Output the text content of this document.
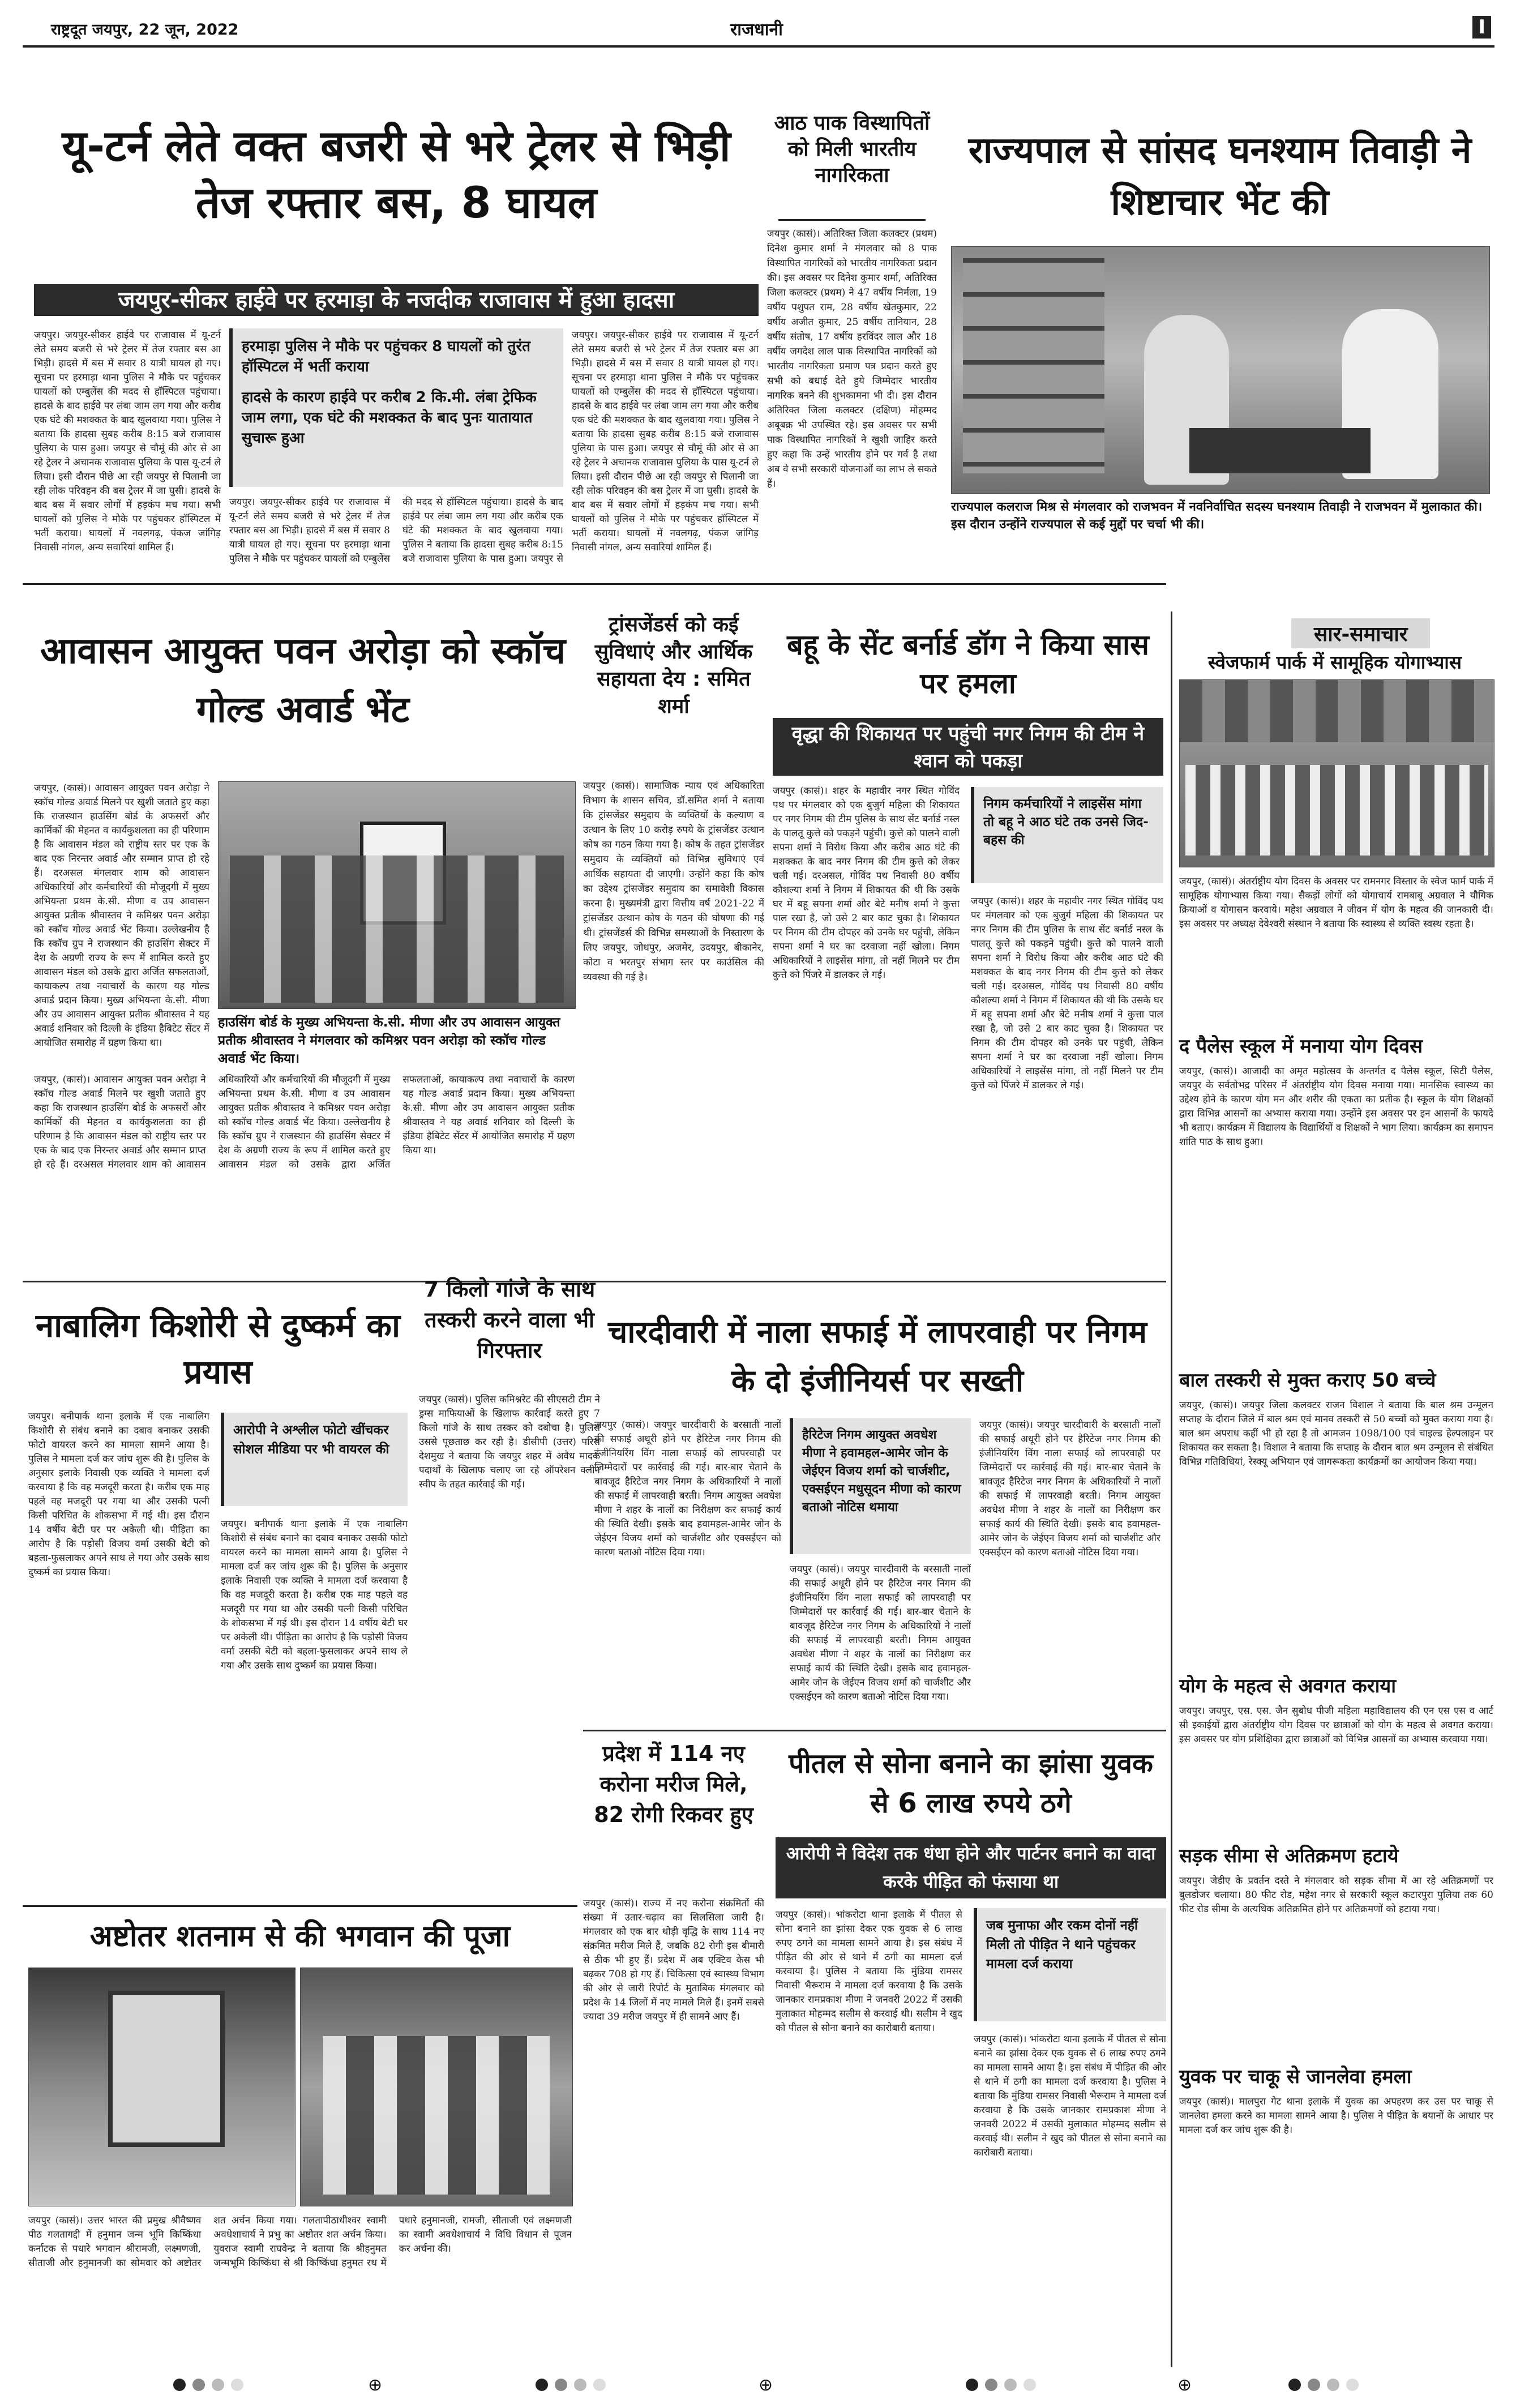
राष्ट्रदूत जयपुर, 22 जून, 2022	राजधानी	I
यू-टर्न लेते वक्त बजरी से भरे ट्रेलर से भिड़ी तेज रफ्तार बस, 8 घायल
जयपुर-सीकर हाईवे पर हरमाड़ा के नजदीक राजावास में हुआ हादसा
जयपुर। जयपुर-सीकर हाईवे पर राजावास में यू-टर्न लेते समय बजरी से भरे ट्रेलर में तेज रफ्तार बस आ भिड़ी। हादसे में बस में सवार 8 यात्री घायल हो गए। सूचना पर हरमाड़ा थाना पुलिस ने मौके पर पहुंचकर घायलों को एम्बुलेंस की मदद से हॉस्पिटल पहुंचाया। हादसे के बाद हाईवे पर लंबा जाम लग गया और करीब एक घंटे की मशक्कत के बाद खुलवाया गया। पुलिस ने बताया कि हादसा सुबह करीब 8:15 बजे राजावास पुलिया के पास हुआ। जयपुर से चौमूं की ओर से आ रहे ट्रेलर ने अचानक राजावास पुलिया के पास यू-टर्न ले लिया। इसी दौरान पीछे आ रही जयपुर से पिलानी जा रही लोक परिवहन की बस ट्रेलर में जा घुसी। हादसे के बाद बस में सवार लोगों में हड़कंप मच गया। सभी घायलों को पुलिस ने मौके पर पहुंचकर हॉस्पिटल में भर्ती कराया। घायलों में नवलगढ़, पंकज जांगिड़ निवासी नांगल, अन्य सवारियां शामिल हैं।
हरमाड़ा पुलिस ने मौके पर पहुंचकर 8 घायलों को तुरंत हॉस्पिटल में भर्ती कराया
हादसे के कारण हाईवे पर करीब 2 कि.मी. लंबा ट्रेफिक जाम लगा, एक घंटे की मशक्कत के बाद पुनः यातायात सुचारू हुआ
जयपुर। जयपुर-सीकर हाईवे पर राजावास में यू-टर्न लेते समय बजरी से भरे ट्रेलर में तेज रफ्तार बस आ भिड़ी। हादसे में बस में सवार 8 यात्री घायल हो गए। सूचना पर हरमाड़ा थाना पुलिस ने मौके पर पहुंचकर घायलों को एम्बुलेंस की मदद से हॉस्पिटल पहुंचाया। हादसे के बाद हाईवे पर लंबा जाम लग गया और करीब एक घंटे की मशक्कत के बाद खुलवाया गया। पुलिस ने बताया कि हादसा सुबह करीब 8:15 बजे राजावास पुलिया के पास हुआ। जयपुर से
जयपुर। जयपुर-सीकर हाईवे पर राजावास में यू-टर्न लेते समय बजरी से भरे ट्रेलर में तेज रफ्तार बस आ भिड़ी। हादसे में बस में सवार 8 यात्री घायल हो गए। सूचना पर हरमाड़ा थाना पुलिस ने मौके पर पहुंचकर घायलों को एम्बुलेंस की मदद से हॉस्पिटल पहुंचाया। हादसे के बाद हाईवे पर लंबा जाम लग गया और करीब एक घंटे की मशक्कत के बाद खुलवाया गया। पुलिस ने बताया कि हादसा सुबह करीब 8:15 बजे राजावास पुलिया के पास हुआ। जयपुर से चौमूं की ओर से आ रहे ट्रेलर ने अचानक राजावास पुलिया के पास यू-टर्न ले लिया। इसी दौरान पीछे आ रही जयपुर से पिलानी जा रही लोक परिवहन की बस ट्रेलर में जा घुसी। हादसे के बाद बस में सवार लोगों में हड़कंप मच गया। सभी घायलों को पुलिस ने मौके पर पहुंचकर हॉस्पिटल में भर्ती कराया। घायलों में नवलगढ़, पंकज जांगिड़ निवासी नांगल, अन्य सवारियां शामिल हैं।
आठ पाक विस्थापितों को मिली भारतीय नागरिकता
जयपुर (कासं)। अतिरिक्त जिला कलक्टर (प्रथम) दिनेश कुमार शर्मा ने मंगलवार को 8 पाक विस्थापित नागरिकों को भारतीय नागरिकता प्रदान की। इस अवसर पर दिनेश कुमार शर्मा, अतिरिक्त जिला कलक्टर (प्रथम) ने 47 वर्षीय निर्मला, 19 वर्षीय पशुपत राम, 28 वर्षीय खेतकुमार, 22 वर्षीय अजीत कुमार, 25 वर्षीय तानियान, 28 वर्षीय संतोष, 17 वर्षीय हरविंदर लाल और 18 वर्षीय जगदेश लाल पाक विस्थापित नागरिकों को भारतीय नागरिकता प्रमाण पत्र प्रदान करते हुए सभी को बधाई देते हुये जिम्मेदार भारतीय नागरिक बनने की शुभकामना भी दी। इस दौरान अतिरिक्त जिला कलक्टर (दक्षिण) मोहम्मद अबूबक्र भी उपस्थित रहे। इस अवसर पर सभी पाक विस्थापित नागरिकों ने खुशी जाहिर करते हुए कहा कि उन्हें भारतीय होने पर गर्व है तथा अब वे सभी सरकारी योजनाओं का लाभ ले सकते हैं।
राज्यपाल से सांसद घनश्याम तिवाड़ी ने शिष्टाचार भेंट की
राज्यपाल कलराज मिश्र से मंगलवार को राजभवन में नवनिर्वाचित सदस्य घनश्याम तिवाड़ी ने राजभवन में मुलाकात की। इस दौरान उन्होंने राज्यपाल से कई मुद्दों पर चर्चा भी की।
आवासन आयुक्त पवन अरोड़ा को स्कॉच गोल्ड अवार्ड भेंट
जयपुर, (कासं)। आवासन आयुक्त पवन अरोड़ा ने स्कॉच गोल्ड अवार्ड मिलने पर खुशी जताते हुए कहा कि राजस्थान हाउसिंग बोर्ड के अफसरों और कार्मिकों की मेहनत व कार्यकुशलता का ही परिणाम है कि आवासन मंडल को राष्ट्रीय स्तर पर एक के बाद एक निरन्तर अवार्ड और सम्मान प्राप्त हो रहे हैं। दरअसल मंगलवार शाम को आवासन अधिकारियों और कर्मचारियों की मौजूदगी में मुख्य अभियन्ता प्रथम के.सी. मीणा व उप आवासन आयुक्त प्रतीक श्रीवास्तव ने कमिश्नर पवन अरोड़ा को स्कॉच गोल्ड अवार्ड भेंट किया। उल्लेखनीय है कि स्कॉच ग्रुप ने राजस्थान की हाउसिंग सेक्टर में देश के अग्रणी राज्य के रूप में शामिल करते हुए आवासन मंडल को उसके द्वारा अर्जित सफलताओं, कायाकल्प तथा नवाचारों के कारण यह गोल्ड अवार्ड प्रदान किया। मुख्य अभियन्ता के.सी. मीणा और उप आवासन आयुक्त प्रतीक श्रीवास्तव ने यह अवार्ड शनिवार को दिल्ली के इंडिया हैबिटेट सेंटर में आयोजित समारोह में ग्रहण किया था।
हाउसिंग बोर्ड के मुख्य अभियन्ता के.सी. मीणा और उप आवासन आयुक्त प्रतीक श्रीवास्तव ने मंगलवार को कमिश्नर पवन अरोड़ा को स्कॉच गोल्ड अवार्ड भेंट किया।
जयपुर, (कासं)। आवासन आयुक्त पवन अरोड़ा ने स्कॉच गोल्ड अवार्ड मिलने पर खुशी जताते हुए कहा कि राजस्थान हाउसिंग बोर्ड के अफसरों और कार्मिकों की मेहनत व कार्यकुशलता का ही परिणाम है कि आवासन मंडल को राष्ट्रीय स्तर पर एक के बाद एक निरन्तर अवार्ड और सम्मान प्राप्त हो रहे हैं। दरअसल मंगलवार शाम को आवासन अधिकारियों और कर्मचारियों की मौजूदगी में मुख्य अभियन्ता प्रथम के.सी. मीणा व उप आवासन आयुक्त प्रतीक श्रीवास्तव ने कमिश्नर पवन अरोड़ा को स्कॉच गोल्ड अवार्ड भेंट किया। उल्लेखनीय है कि स्कॉच ग्रुप ने राजस्थान की हाउसिंग सेक्टर में देश के अग्रणी राज्य के रूप में शामिल करते हुए आवासन मंडल को उसके द्वारा अर्जित सफलताओं, कायाकल्प तथा नवाचारों के कारण यह गोल्ड अवार्ड प्रदान किया। मुख्य अभियन्ता के.सी. मीणा और उप आवासन आयुक्त प्रतीक श्रीवास्तव ने यह अवार्ड शनिवार को दिल्ली के इंडिया हैबिटेट सेंटर में आयोजित समारोह में ग्रहण किया था।
ट्रांसजेंडर्स को कई सुविधाएं और आर्थिक सहायता देय : समित शर्मा
जयपुर (कासं)। सामाजिक न्याय एवं अधिकारिता विभाग के शासन सचिव, डॉ.समित शर्मा ने बताया कि ट्रांसजेंडर समुदाय के व्यक्तियों के कल्याण व उत्थान के लिए 10 करोड़ रुपये के ट्रांसजेंडर उत्थान कोष का गठन किया गया है। कोष के तहत ट्रांसजेंडर समुदाय के व्यक्तियों को विभिन्न सुविधाएं एवं आर्थिक सहायता दी जाएगी। उन्होंने कहा कि कोष का उद्देश्य ट्रांसजेंडर समुदाय का समावेशी विकास करना है। मुख्यमंत्री द्वारा वित्तीय वर्ष 2021-22 में ट्रांसजेंडर उत्थान कोष के गठन की घोषणा की गई थी। ट्रांसजेंडर्स की विभिन्न समस्याओं के निस्तारण के लिए जयपुर, जोधपुर, अजमेर, उदयपुर, बीकानेर, कोटा व भरतपुर संभाग स्तर पर काउंसिल की व्यवस्था की गई है।
बहू के सेंट बर्नार्ड डॉग ने किया सास पर हमला
वृद्धा की शिकायत पर पहुंची नगर निगम की टीम ने श्वान को पकड़ा
जयपुर (कासं)। शहर के महावीर नगर स्थित गोविंद पथ पर मंगलवार को एक बुजुर्ग महिला की शिकायत पर नगर निगम की टीम पुलिस के साथ सेंट बर्नार्ड नस्ल के पालतू कुत्ते को पकड़ने पहुंची। कुत्ते को पालने वाली सपना शर्मा ने विरोध किया और करीब आठ घंटे की मशक्कत के बाद नगर निगम की टीम कुत्ते को लेकर चली गई। दरअसल, गोविंद पथ निवासी 80 वर्षीय कौशल्या शर्मा ने निगम में शिकायत की थी कि उसके घर में बहू सपना शर्मा और बेटे मनीष शर्मा ने कुत्ता पाल रखा है, जो उसे 2 बार काट चुका है। शिकायत पर निगम की टीम दोपहर को उनके घर पहुंची, लेकिन सपना शर्मा ने घर का दरवाजा नहीं खोला। निगम अधिकारियों ने लाइसेंस मांगा, तो नहीं मिलने पर टीम कुत्ते को पिंजरे में डालकर ले गई।
निगम कर्मचारियों ने लाइसेंस मांगा तो बहू ने आठ घंटे तक उनसे जिद-बहस की
जयपुर (कासं)। शहर के महावीर नगर स्थित गोविंद पथ पर मंगलवार को एक बुजुर्ग महिला की शिकायत पर नगर निगम की टीम पुलिस के साथ सेंट बर्नार्ड नस्ल के पालतू कुत्ते को पकड़ने पहुंची। कुत्ते को पालने वाली सपना शर्मा ने विरोध किया और करीब आठ घंटे की मशक्कत के बाद नगर निगम की टीम कुत्ते को लेकर चली गई। दरअसल, गोविंद पथ निवासी 80 वर्षीय कौशल्या शर्मा ने निगम में शिकायत की थी कि उसके घर में बहू सपना शर्मा और बेटे मनीष शर्मा ने कुत्ता पाल रखा है, जो उसे 2 बार काट चुका है। शिकायत पर निगम की टीम दोपहर को उनके घर पहुंची, लेकिन सपना शर्मा ने घर का दरवाजा नहीं खोला। निगम अधिकारियों ने लाइसेंस मांगा, तो नहीं मिलने पर टीम कुत्ते को पिंजरे में डालकर ले गई।
सार-समाचार
स्वेजफार्म पार्क में सामूहिक योगाभ्यास
जयपुर, (कासं)। अंतर्राष्ट्रीय योग दिवस के अवसर पर रामनगर विस्तार के स्वेज फार्म पार्क में सामूहिक योगाभ्यास किया गया। सैकड़ों लोगों को योगाचार्य रामबाबू अग्रवाल ने यौगिक क्रियाओं व योगासन करवाये। महेश अग्रवाल ने जीवन में योग के महत्व की जानकारी दी। इस अवसर पर अध्यक्ष देवेश्वरी संस्थान ने बताया कि स्वास्थ्य से व्यक्ति स्वस्थ रहता है।
द पैलेस स्कूल में मनाया योग दिवस
जयपुर, (कासं)। आजादी का अमृत महोत्सव के अन्तर्गत द पैलेस स्कूल, सिटी पैलेस, जयपुर के सर्वतोभद्र परिसर में अंतर्राष्ट्रीय योग दिवस मनाया गया। मानसिक स्वास्थ्य का उद्देश्य होने के कारण योग मन और शरीर की एकता का प्रतीक है। स्कूल के योग शिक्षकों द्वारा विभिन्न आसनों का अभ्यास कराया गया। उन्होंने इस अवसर पर इन आसनों के फायदे भी बताए। कार्यक्रम में विद्यालय के विद्यार्थियों व शिक्षकों ने भाग लिया। कार्यक्रम का समापन शांति पाठ के साथ हुआ।
बाल तस्करी से मुक्त कराए 50 बच्चे
जयपुर, (कासं)। जयपुर जिला कलक्टर राजन विशाल ने बताया कि बाल श्रम उन्मूलन सप्ताह के दौरान जिले में बाल श्रम एवं मानव तस्करी से 50 बच्चों को मुक्त कराया गया है। बाल श्रम अपराध कहीं भी हो रहा है तो आमजन 1098/100 एवं चाइल्ड हेल्पलाइन पर शिकायत कर सकता है। विशाल ने बताया कि सप्ताह के दौरान बाल श्रम उन्मूलन से संबंधित विभिन्न गतिविधियां, रेस्क्यू अभियान एवं जागरूकता कार्यक्रमों का आयोजन किया गया।
योग के महत्व से अवगत कराया
जयपुर। जयपुर, एस. एस. जैन सुबोध पीजी महिला महाविद्यालय की एन एस एस व आर्ट सी इकाईयों द्वारा अंतर्राष्ट्रीय योग दिवस पर छात्राओं को योग के महत्व से अवगत कराया। इस अवसर पर योग प्रशिक्षिका द्वारा छात्राओं को विभिन्न आसनों का अभ्यास करवाया गया।
सड़क सीमा से अतिक्रमण हटाये
जयपुर। जेडीए के प्रवर्तन दस्ते ने मंगलवार को सड़क सीमा में आ रहे अतिक्रमणों पर बुलडोजर चलाया। 80 फीट रोड, महेश नगर से सरकारी स्कूल कटारपुरा पुलिया तक 60 फीट रोड सीमा के अत्यधिक अतिक्रमित होने पर अतिक्रमणों को हटाया गया।
युवक पर चाकू से जानलेवा हमला
जयपुर (कासं)। मालपुरा गेट थाना इलाके में युवक का अपहरण कर उस पर चाकू से जानलेवा हमला करने का मामला सामने आया है। पुलिस ने पीड़ित के बयानों के आधार पर मामला दर्ज कर जांच शुरू की है।
नाबालिग किशोरी से दुष्कर्म का प्रयास
जयपुर। बनीपार्क थाना इलाके में एक नाबालिग किशोरी से संबंध बनाने का दबाव बनाकर उसकी फोटो वायरल करने का मामला सामने आया है। पुलिस ने मामला दर्ज कर जांच शुरू की है। पुलिस के अनुसार इलाके निवासी एक व्यक्ति ने मामला दर्ज करवाया है कि वह मजदूरी करता है। करीब एक माह पहले वह मजदूरी पर गया था और उसकी पत्नी किसी परिचित के शोकसभा में गई थी। इस दौरान 14 वर्षीय बेटी घर पर अकेली थी। पीड़िता का आरोप है कि पड़ोसी विजय वर्मा उसकी बेटी को बहला-फुसलाकर अपने साथ ले गया और उसके साथ दुष्कर्म का प्रयास किया।
आरोपी ने अश्लील फोटो खींचकर सोशल मीडिया पर भी वायरल की
जयपुर। बनीपार्क थाना इलाके में एक नाबालिग किशोरी से संबंध बनाने का दबाव बनाकर उसकी फोटो वायरल करने का मामला सामने आया है। पुलिस ने मामला दर्ज कर जांच शुरू की है। पुलिस के अनुसार इलाके निवासी एक व्यक्ति ने मामला दर्ज करवाया है कि वह मजदूरी करता है। करीब एक माह पहले वह मजदूरी पर गया था और उसकी पत्नी किसी परिचित के शोकसभा में गई थी। इस दौरान 14 वर्षीय बेटी घर पर अकेली थी। पीड़िता का आरोप है कि पड़ोसी विजय वर्मा उसकी बेटी को बहला-फुसलाकर अपने साथ ले गया और उसके साथ दुष्कर्म का प्रयास किया।
7 किलो गांजे के साथ तस्करी करने वाला भी गिरफ्तार
जयपुर (कासं)। पुलिस कमिश्नरेट की सीएसटी टीम ने ड्रग्स माफियाओं के खिलाफ कार्रवाई करते हुए 7 किलो गांजे के साथ तस्कर को दबोचा है। पुलिस उससे पूछताछ कर रही है। डीसीपी (उत्तर) परिस देशमुख ने बताया कि जयपुर शहर में अवैध मादक पदार्थों के खिलाफ चलाए जा रहे ऑपरेशन क्लीन स्वीप के तहत कार्रवाई की गई।
चारदीवारी में नाला सफाई में लापरवाही पर निगम के दो इंजीनियर्स पर सख्ती
जयपुर (कासं)। जयपुर चारदीवारी के बरसाती नालों की सफाई अधूरी होने पर हैरिटेज नगर निगम की इंजीनियरिंग विंग नाला सफाई को लापरवाही पर जिम्मेदारों पर कार्रवाई की गई। बार-बार चेताने के बावजूद हैरिटेज नगर निगम के अधिकारियों ने नालों की सफाई में लापरवाही बरती। निगम आयुक्त अवधेश मीणा ने शहर के नालों का निरीक्षण कर सफाई कार्य की स्थिति देखी। इसके बाद हवामहल-आमेर जोन के जेईएन विजय शर्मा को चार्जशीट और एक्सईएन को कारण बताओ नोटिस दिया गया।
हैरिटेज निगम आयुक्त अवधेश मीणा ने हवामहल-आमेर जोन के जेईएन विजय शर्मा को चार्जशीट, एक्सईएन मधुसूदन मीणा को कारण बताओ नोटिस थमाया
जयपुर (कासं)। जयपुर चारदीवारी के बरसाती नालों की सफाई अधूरी होने पर हैरिटेज नगर निगम की इंजीनियरिंग विंग नाला सफाई को लापरवाही पर जिम्मेदारों पर कार्रवाई की गई। बार-बार चेताने के बावजूद हैरिटेज नगर निगम के अधिकारियों ने नालों की सफाई में लापरवाही बरती। निगम आयुक्त अवधेश मीणा ने शहर के नालों का निरीक्षण कर सफाई कार्य की स्थिति देखी। इसके बाद हवामहल-आमेर जोन के जेईएन विजय शर्मा को चार्जशीट और एक्सईएन को कारण बताओ नोटिस दिया गया।
जयपुर (कासं)। जयपुर चारदीवारी के बरसाती नालों की सफाई अधूरी होने पर हैरिटेज नगर निगम की इंजीनियरिंग विंग नाला सफाई को लापरवाही पर जिम्मेदारों पर कार्रवाई की गई। बार-बार चेताने के बावजूद हैरिटेज नगर निगम के अधिकारियों ने नालों की सफाई में लापरवाही बरती। निगम आयुक्त अवधेश मीणा ने शहर के नालों का निरीक्षण कर सफाई कार्य की स्थिति देखी। इसके बाद हवामहल-आमेर जोन के जेईएन विजय शर्मा को चार्जशीट और एक्सईएन को कारण बताओ नोटिस दिया गया।
प्रदेश में 114 नए करोना मरीज मिले, 82 रोगी रिकवर हुए
जयपुर (कासं)। राज्य में नए करोना संक्रमितों की संख्या में उतार-चढ़ाव का सिलसिला जारी है। मंगलवार को एक बार थोड़ी वृद्धि के साथ 114 नए संक्रमित मरीज मिले हैं, जबकि 82 रोगी इस बीमारी से ठीक भी हुए हैं। प्रदेश में अब एक्टिव केस भी बढ़कर 708 हो गए हैं। चिकित्सा एवं स्वास्थ्य विभाग की ओर से जारी रिपोर्ट के मुताबिक मंगलवार को प्रदेश के 14 जिलों में नए मामले मिले हैं। इनमें सबसे ज्यादा 39 मरीज जयपुर में ही सामने आए हैं।
पीतल से सोना बनाने का झांसा युवक से 6 लाख रुपये ठगे
आरोपी ने विदेश तक धंधा होने और पार्टनर बनाने का वादा करके पीड़ित को फंसाया था
जयपुर (कासं)। भांकरोटा थाना इलाके में पीतल से सोना बनाने का झांसा देकर एक युवक से 6 लाख रुपए ठगने का मामला सामने आया है। इस संबंध में पीड़ित की ओर से थाने में ठगी का मामला दर्ज करवाया है। पुलिस ने बताया कि मुंडिया रामसर निवासी भैरूराम ने मामला दर्ज करवाया है कि उसके जानकार रामप्रकाश मीणा ने जनवरी 2022 में उसकी मुलाकात मोहम्मद सलीम से करवाई थी। सलीम ने खुद को पीतल से सोना बनाने का कारोबारी बताया।
जब मुनाफा और रकम दोनों नहीं मिली तो पीड़ित ने थाने पहुंचकर मामला दर्ज कराया
जयपुर (कासं)। भांकरोटा थाना इलाके में पीतल से सोना बनाने का झांसा देकर एक युवक से 6 लाख रुपए ठगने का मामला सामने आया है। इस संबंध में पीड़ित की ओर से थाने में ठगी का मामला दर्ज करवाया है। पुलिस ने बताया कि मुंडिया रामसर निवासी भैरूराम ने मामला दर्ज करवाया है कि उसके जानकार रामप्रकाश मीणा ने जनवरी 2022 में उसकी मुलाकात मोहम्मद सलीम से करवाई थी। सलीम ने खुद को पीतल से सोना बनाने का कारोबारी बताया।
अष्टोतर शतनाम से की भगवान की पूजा
जयपुर (कासं)। उत्तर भारत की प्रमुख श्रीवैष्णव पीठ गलतागद्दी में हनुमान जन्म भूमि किष्किंधा कर्नाटक से पधारे भगवान श्रीरामजी, लक्ष्मणजी, सीताजी और हनुमानजी का सोमवार को अष्टोतर शत अर्चन किया गया। गलतापीठाधीश्वर स्वामी अवधेशाचार्य ने प्रभु का अष्टोतर शत अर्चन किया। युवराज स्वामी राघवेन्द्र ने बताया कि श्रीहनुमत जन्मभूमि किष्किंधा से श्री किष्किंधा हनुमत रथ में पधारे हनुमानजी, रामजी, सीताजी एवं लक्ष्मणजी का स्वामी अवधेशाचार्य ने विधि विधान से पूजन कर अर्चना की।
⊕	⊕	⊕
